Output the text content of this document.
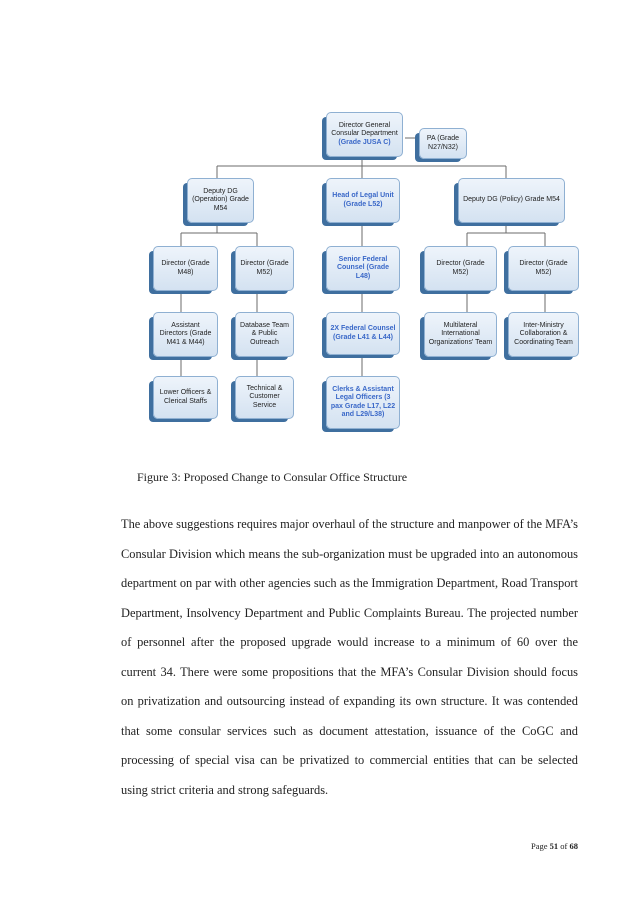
Director General Consular Department
(Grade JUSA C)	PA (Grade N27/N32)
Deputy DG (Operation) Grade M54
Head of Legal Unit (Grade L52)
Deputy DG (Policy) Grade M54
Director (Grade M48)
Director (Grade M52)
Senior Federal Counsel (Grade L48)
Director (Grade M52)
Director (Grade M52)
Assistant Directors (Grade M41 & M44)
Database Team & Public Outreach
2X Federal Counsel (Grade L41 & L44)
Multilateral International Organizations' Team
Inter-Ministry Collaboration & Coordinating Team
Lower Officers & Clerical Staffs
Technical & Customer Service
Clerks & Assistant Legal Officers (3 pax Grade L17, L22 and L29/L38)
Figure 3: Proposed Change to Consular Office Structure
The above suggestions requires major overhaul of the structure and manpower of the MFA’s Consular Division which means the sub-organization must be upgraded into an autonomous department on par with other agencies such as the Immigration Department, Road Transport Department, Insolvency Department and Public Complaints Bureau. The projected number of personnel after the proposed upgrade would increase to a minimum of 60 over the current 34. There were some propositions that the MFA’s Consular Division should focus on privatization and outsourcing instead of expanding its own structure. It was contended that some consular services such as document attestation, issuance of the CoGC and processing of special visa can be privatized to commercial entities that can be selected using strict criteria and strong safeguards.
Page 51 of 68
